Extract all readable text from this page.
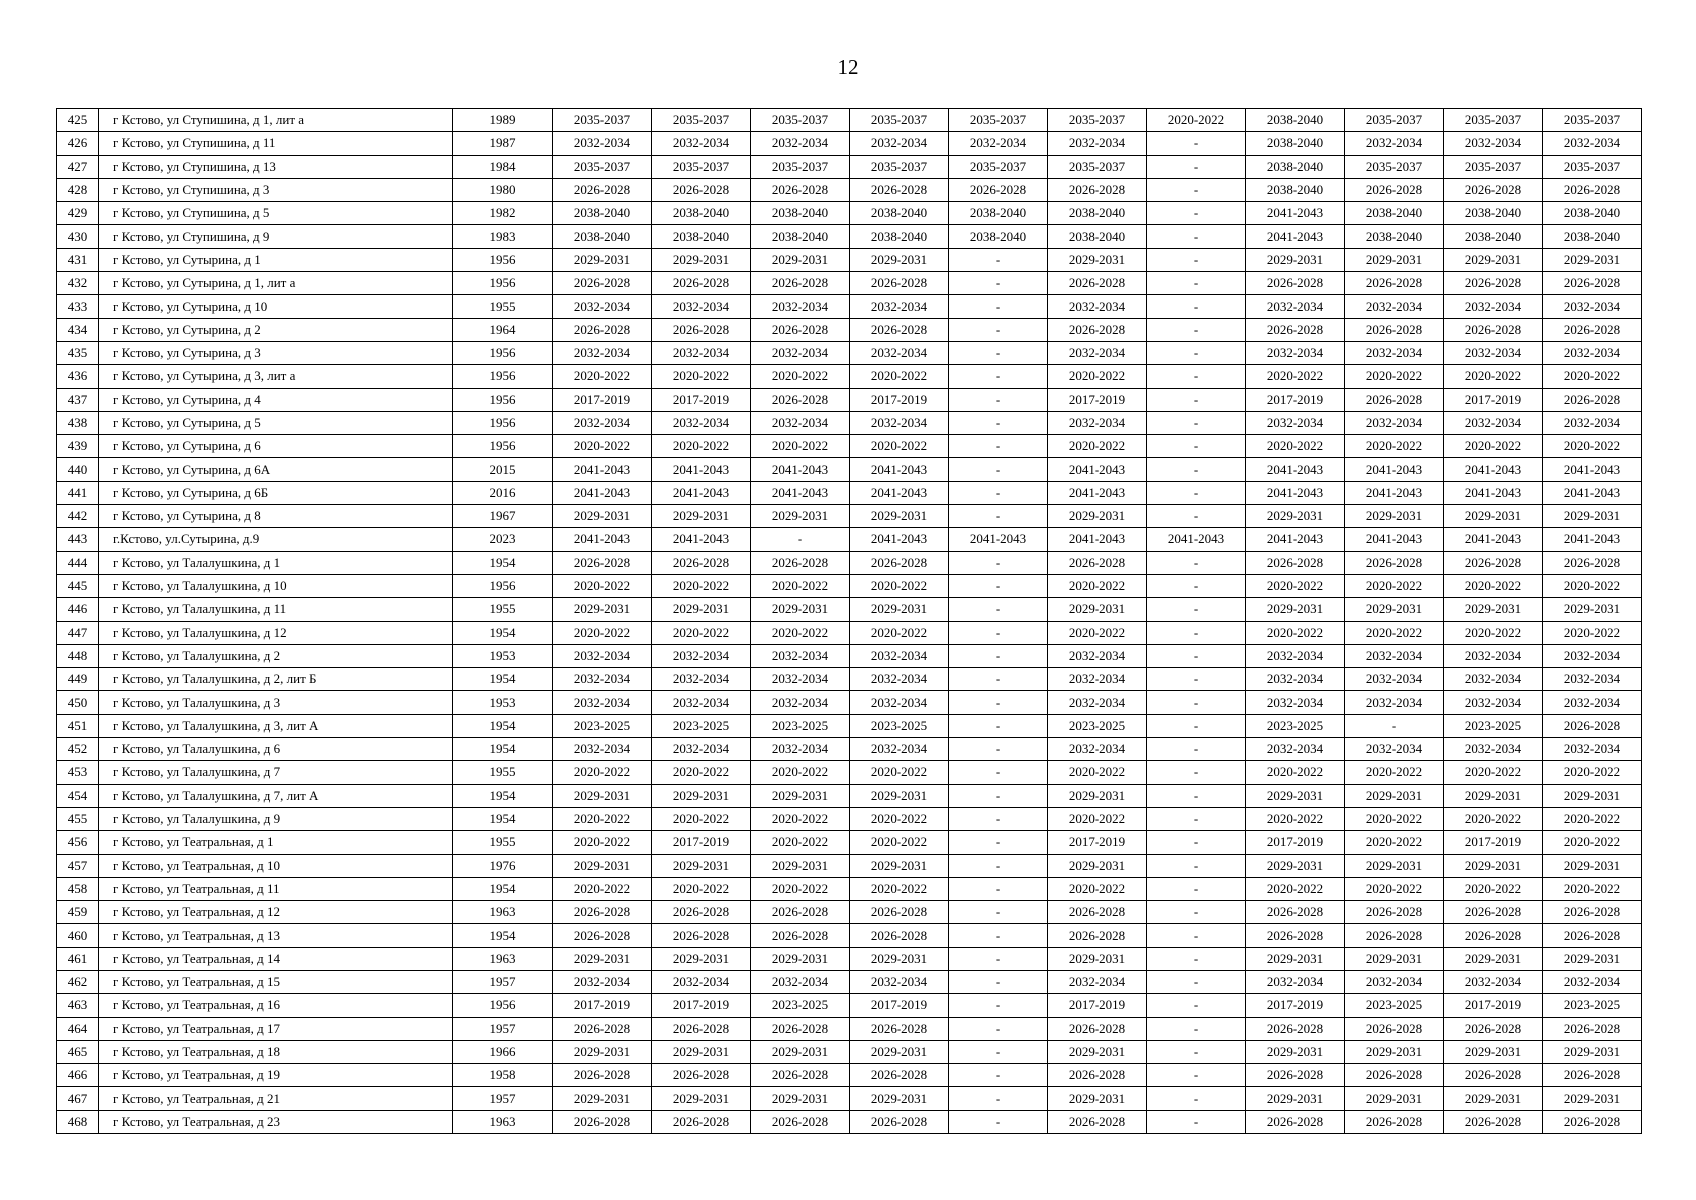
12
425	г Кстово, ул Ступишина, д 1, лит а	1989	2035-2037	2035-2037	2035-2037	2035-2037	2035-2037	2035-2037	2020-2022	2038-2040	2035-2037	2035-2037	2035-2037
426	г Кстово, ул Ступишина, д 11	1987	2032-2034	2032-2034	2032-2034	2032-2034	2032-2034	2032-2034	-	2038-2040	2032-2034	2032-2034	2032-2034
427	г Кстово, ул Ступишина, д 13	1984	2035-2037	2035-2037	2035-2037	2035-2037	2035-2037	2035-2037	-	2038-2040	2035-2037	2035-2037	2035-2037
428	г Кстово, ул Ступишина, д 3	1980	2026-2028	2026-2028	2026-2028	2026-2028	2026-2028	2026-2028	-	2038-2040	2026-2028	2026-2028	2026-2028
429	г Кстово, ул Ступишина, д 5	1982	2038-2040	2038-2040	2038-2040	2038-2040	2038-2040	2038-2040	-	2041-2043	2038-2040	2038-2040	2038-2040
430	г Кстово, ул Ступишина, д 9	1983	2038-2040	2038-2040	2038-2040	2038-2040	2038-2040	2038-2040	-	2041-2043	2038-2040	2038-2040	2038-2040
431	г Кстово, ул Сутырина, д 1	1956	2029-2031	2029-2031	2029-2031	2029-2031	-	2029-2031	-	2029-2031	2029-2031	2029-2031	2029-2031
432	г Кстово, ул Сутырина, д 1, лит а	1956	2026-2028	2026-2028	2026-2028	2026-2028	-	2026-2028	-	2026-2028	2026-2028	2026-2028	2026-2028
433	г Кстово, ул Сутырина, д 10	1955	2032-2034	2032-2034	2032-2034	2032-2034	-	2032-2034	-	2032-2034	2032-2034	2032-2034	2032-2034
434	г Кстово, ул Сутырина, д 2	1964	2026-2028	2026-2028	2026-2028	2026-2028	-	2026-2028	-	2026-2028	2026-2028	2026-2028	2026-2028
435	г Кстово, ул Сутырина, д 3	1956	2032-2034	2032-2034	2032-2034	2032-2034	-	2032-2034	-	2032-2034	2032-2034	2032-2034	2032-2034
436	г Кстово, ул Сутырина, д 3, лит а	1956	2020-2022	2020-2022	2020-2022	2020-2022	-	2020-2022	-	2020-2022	2020-2022	2020-2022	2020-2022
437	г Кстово, ул Сутырина, д 4	1956	2017-2019	2017-2019	2026-2028	2017-2019	-	2017-2019	-	2017-2019	2026-2028	2017-2019	2026-2028
438	г Кстово, ул Сутырина, д 5	1956	2032-2034	2032-2034	2032-2034	2032-2034	-	2032-2034	-	2032-2034	2032-2034	2032-2034	2032-2034
439	г Кстово, ул Сутырина, д 6	1956	2020-2022	2020-2022	2020-2022	2020-2022	-	2020-2022	-	2020-2022	2020-2022	2020-2022	2020-2022
440	г Кстово, ул Сутырина, д 6А	2015	2041-2043	2041-2043	2041-2043	2041-2043	-	2041-2043	-	2041-2043	2041-2043	2041-2043	2041-2043
441	г Кстово, ул Сутырина, д 6Б	2016	2041-2043	2041-2043	2041-2043	2041-2043	-	2041-2043	-	2041-2043	2041-2043	2041-2043	2041-2043
442	г Кстово, ул Сутырина, д 8	1967	2029-2031	2029-2031	2029-2031	2029-2031	-	2029-2031	-	2029-2031	2029-2031	2029-2031	2029-2031
443	г.Кстово, ул.Сутырина, д.9	2023	2041-2043	2041-2043	-	2041-2043	2041-2043	2041-2043	2041-2043	2041-2043	2041-2043	2041-2043	2041-2043
444	г Кстово, ул Талалушкина, д 1	1954	2026-2028	2026-2028	2026-2028	2026-2028	-	2026-2028	-	2026-2028	2026-2028	2026-2028	2026-2028
445	г Кстово, ул Талалушкина, д 10	1956	2020-2022	2020-2022	2020-2022	2020-2022	-	2020-2022	-	2020-2022	2020-2022	2020-2022	2020-2022
446	г Кстово, ул Талалушкина, д 11	1955	2029-2031	2029-2031	2029-2031	2029-2031	-	2029-2031	-	2029-2031	2029-2031	2029-2031	2029-2031
447	г Кстово, ул Талалушкина, д 12	1954	2020-2022	2020-2022	2020-2022	2020-2022	-	2020-2022	-	2020-2022	2020-2022	2020-2022	2020-2022
448	г Кстово, ул Талалушкина, д 2	1953	2032-2034	2032-2034	2032-2034	2032-2034	-	2032-2034	-	2032-2034	2032-2034	2032-2034	2032-2034
449	г Кстово, ул Талалушкина, д 2, лит Б	1954	2032-2034	2032-2034	2032-2034	2032-2034	-	2032-2034	-	2032-2034	2032-2034	2032-2034	2032-2034
450	г Кстово, ул Талалушкина, д 3	1953	2032-2034	2032-2034	2032-2034	2032-2034	-	2032-2034	-	2032-2034	2032-2034	2032-2034	2032-2034
451	г Кстово, ул Талалушкина, д 3, лит А	1954	2023-2025	2023-2025	2023-2025	2023-2025	-	2023-2025	-	2023-2025	-	2023-2025	2026-2028
452	г Кстово, ул Талалушкина, д 6	1954	2032-2034	2032-2034	2032-2034	2032-2034	-	2032-2034	-	2032-2034	2032-2034	2032-2034	2032-2034
453	г Кстово, ул Талалушкина, д 7	1955	2020-2022	2020-2022	2020-2022	2020-2022	-	2020-2022	-	2020-2022	2020-2022	2020-2022	2020-2022
454	г Кстово, ул Талалушкина, д 7, лит А	1954	2029-2031	2029-2031	2029-2031	2029-2031	-	2029-2031	-	2029-2031	2029-2031	2029-2031	2029-2031
455	г Кстово, ул Талалушкина, д 9	1954	2020-2022	2020-2022	2020-2022	2020-2022	-	2020-2022	-	2020-2022	2020-2022	2020-2022	2020-2022
456	г Кстово, ул Театральная, д 1	1955	2020-2022	2017-2019	2020-2022	2020-2022	-	2017-2019	-	2017-2019	2020-2022	2017-2019	2020-2022
457	г Кстово, ул Театральная, д 10	1976	2029-2031	2029-2031	2029-2031	2029-2031	-	2029-2031	-	2029-2031	2029-2031	2029-2031	2029-2031
458	г Кстово, ул Театральная, д 11	1954	2020-2022	2020-2022	2020-2022	2020-2022	-	2020-2022	-	2020-2022	2020-2022	2020-2022	2020-2022
459	г Кстово, ул Театральная, д 12	1963	2026-2028	2026-2028	2026-2028	2026-2028	-	2026-2028	-	2026-2028	2026-2028	2026-2028	2026-2028
460	г Кстово, ул Театральная, д 13	1954	2026-2028	2026-2028	2026-2028	2026-2028	-	2026-2028	-	2026-2028	2026-2028	2026-2028	2026-2028
461	г Кстово, ул Театральная, д 14	1963	2029-2031	2029-2031	2029-2031	2029-2031	-	2029-2031	-	2029-2031	2029-2031	2029-2031	2029-2031
462	г Кстово, ул Театральная, д 15	1957	2032-2034	2032-2034	2032-2034	2032-2034	-	2032-2034	-	2032-2034	2032-2034	2032-2034	2032-2034
463	г Кстово, ул Театральная, д 16	1956	2017-2019	2017-2019	2023-2025	2017-2019	-	2017-2019	-	2017-2019	2023-2025	2017-2019	2023-2025
464	г Кстово, ул Театральная, д 17	1957	2026-2028	2026-2028	2026-2028	2026-2028	-	2026-2028	-	2026-2028	2026-2028	2026-2028	2026-2028
465	г Кстово, ул Театральная, д 18	1966	2029-2031	2029-2031	2029-2031	2029-2031	-	2029-2031	-	2029-2031	2029-2031	2029-2031	2029-2031
466	г Кстово, ул Театральная, д 19	1958	2026-2028	2026-2028	2026-2028	2026-2028	-	2026-2028	-	2026-2028	2026-2028	2026-2028	2026-2028
467	г Кстово, ул Театральная, д 21	1957	2029-2031	2029-2031	2029-2031	2029-2031	-	2029-2031	-	2029-2031	2029-2031	2029-2031	2029-2031
468	г Кстово, ул Театральная, д 23	1963	2026-2028	2026-2028	2026-2028	2026-2028	-	2026-2028	-	2026-2028	2026-2028	2026-2028	2026-2028
